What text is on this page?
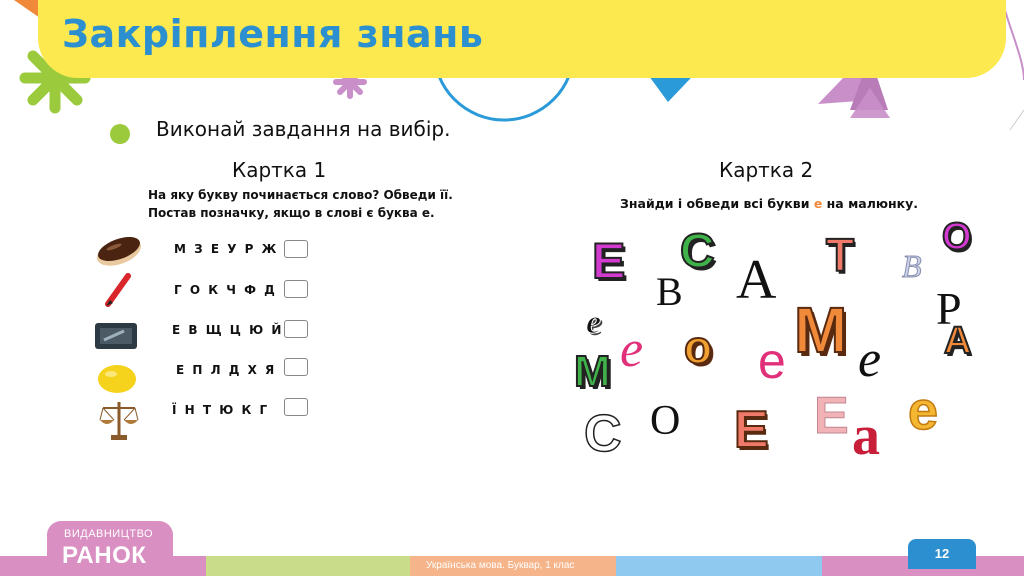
Закріплення знань
Виконай завдання на вибір.
Картка 1
На яку букву починається слово? Обведи її.
Постав позначку, якщо в слові є буква е.
М З Е У Р Ж
Г О К Ч Ф Д
Е В Щ Ц Ю Й
Е П Л Д Х Я
Ї Н Т Ю К Г
Картка 2
Знайди і обведи всі букви е на малюнку.
Е С
В А Т В
О
Р
е е о е М е А
М
С О Е Е а е
Українська мова. Буквар, 1 клас
12
ВИДАВНИЦТВО
РАНОК
